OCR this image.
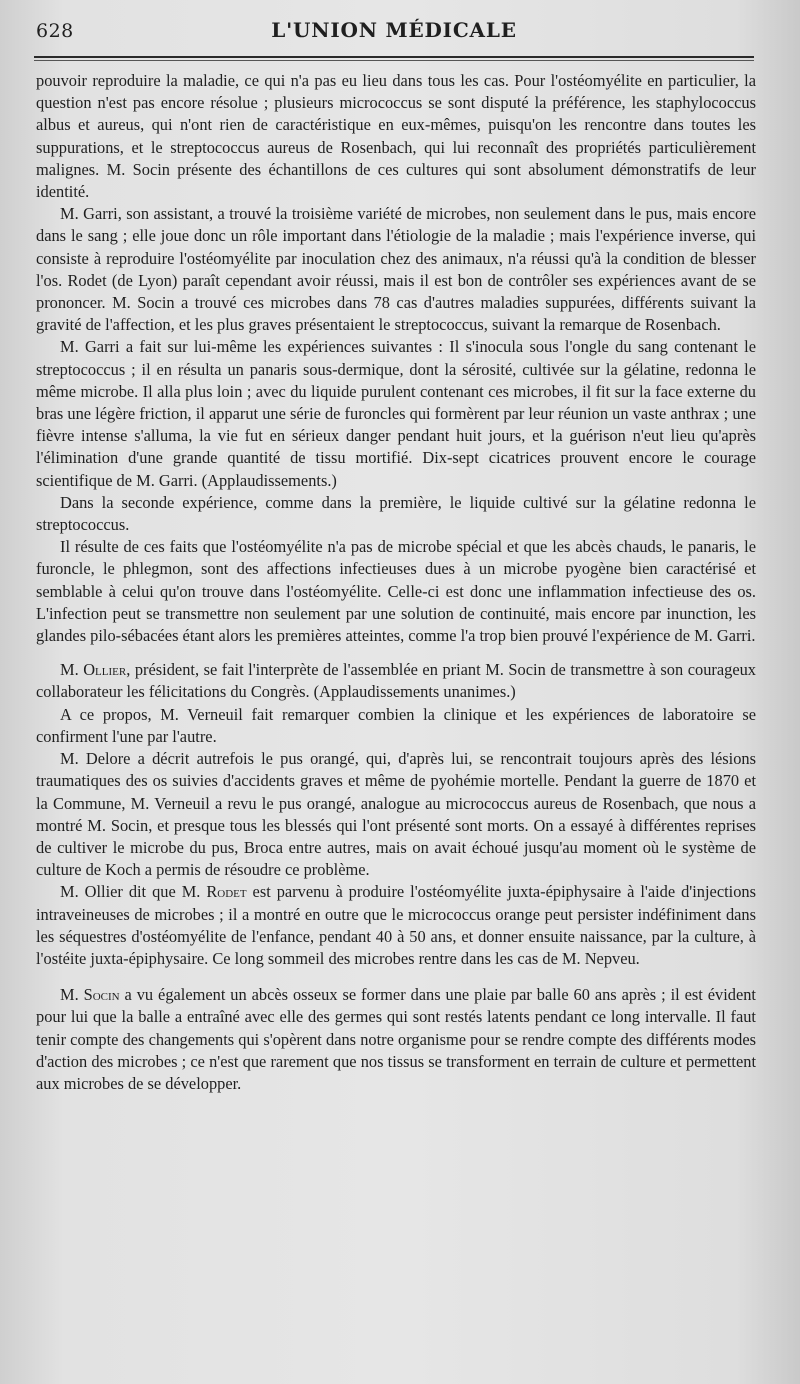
628	L'UNION MÉDICALE

pouvoir reproduire la maladie, ce qui n'a pas eu lieu dans tous les cas. Pour l'ostéomyélite en particulier, la question n'est pas encore résolue ; plusieurs micrococcus se sont disputé la préférence, les staphylococcus albus et aureus, qui n'ont rien de caractéristique en eux-mêmes, puisqu'on les rencontre dans toutes les suppurations, et le streptococcus aureus de Rosenbach, qui lui reconnaît des propriétés particulièrement malignes. M. Socin présente des échantillons de ces cultures qui sont absolument démonstratifs de leur identité.

M. Garri, son assistant, a trouvé la troisième variété de microbes, non seulement dans le pus, mais encore dans le sang ; elle joue donc un rôle important dans l'étiologie de la maladie ; mais l'expérience inverse, qui consiste à reproduire l'ostéomyélite par inoculation chez des animaux, n'a réussi qu'à la condition de blesser l'os. Rodet (de Lyon) paraît cependant avoir réussi, mais il est bon de contrôler ses expériences avant de se prononcer. M. Socin a trouvé ces microbes dans 78 cas d'autres maladies suppurées, différents suivant la gravité de l'affection, et les plus graves présentaient le streptococcus, suivant la remarque de Rosenbach.

M. Garri a fait sur lui-même les expériences suivantes : Il s'inocula sous l'ongle du sang contenant le streptococcus ; il en résulta un panaris sous-dermique, dont la sérosité, cultivée sur la gélatine, redonna le même microbe. Il alla plus loin ; avec du liquide purulent contenant ces microbes, il fit sur la face externe du bras une légère friction, il apparut une série de furoncles qui formèrent par leur réunion un vaste anthrax ; une fièvre intense s'alluma, la vie fut en sérieux danger pendant huit jours, et la guérison n'eut lieu qu'après l'élimination d'une grande quantité de tissu mortifié. Dix-sept cicatrices prouvent encore le courage scientifique de M. Garri. (Applaudissements.)

Dans la seconde expérience, comme dans la première, le liquide cultivé sur la gélatine redonna le streptococcus.

Il résulte de ces faits que l'ostéomyélite n'a pas de microbe spécial et que les abcès chauds, le panaris, le furoncle, le phlegmon, sont des affections infectieuses dues à un microbe pyogène bien caractérisé et semblable à celui qu'on trouve dans l'ostéomyélite. Celle-ci est donc une inflammation infectieuse des os. L'infection peut se transmettre non seulement par une solution de continuité, mais encore par inunction, les glandes pilo-sébacées étant alors les premières atteintes, comme l'a trop bien prouvé l'expérience de M. Garri.

M. Ollier, président, se fait l'interprète de l'assemblée en priant M. Socin de transmettre à son courageux collaborateur les félicitations du Congrès. (Applaudissements unanimes.)

A ce propos, M. Verneuil fait remarquer combien la clinique et les expériences de laboratoire se confirment l'une par l'autre.

M. Delore a décrit autrefois le pus orangé, qui, d'après lui, se rencontrait toujours après des lésions traumatiques des os suivies d'accidents graves et même de pyohémie mortelle. Pendant la guerre de 1870 et la Commune, M. Verneuil a revu le pus orangé, analogue au micrococcus aureus de Rosenbach, que nous a montré M. Socin, et presque tous les blessés qui l'ont présenté sont morts. On a essayé à différentes reprises de cultiver le microbe du pus, Broca entre autres, mais on avait échoué jusqu'au moment où le système de culture de Koch a permis de résoudre ce problème.

M. Ollier dit que M. Rodet est parvenu à produire l'ostéomyélite juxta-épiphysaire à l'aide d'injections intraveineuses de microbes ; il a montré en outre que le micrococcus orange peut persister indéfiniment dans les séquestres d'ostéomyélite de l'enfance, pendant 40 à 50 ans, et donner ensuite naissance, par la culture, à l'ostéite juxta-épiphysaire. Ce long sommeil des microbes rentre dans les cas de M. Nepveu.

M. Socin a vu également un abcès osseux se former dans une plaie par balle 60 ans après ; il est évident pour lui que la balle a entraîné avec elle des germes qui sont restés latents pendant ce long intervalle. Il faut tenir compte des changements qui s'opèrent dans notre organisme pour se rendre compte des différents modes d'action des microbes ; ce n'est que rarement que nos tissus se transforment en terrain de culture et permettent aux microbes de se développer.
